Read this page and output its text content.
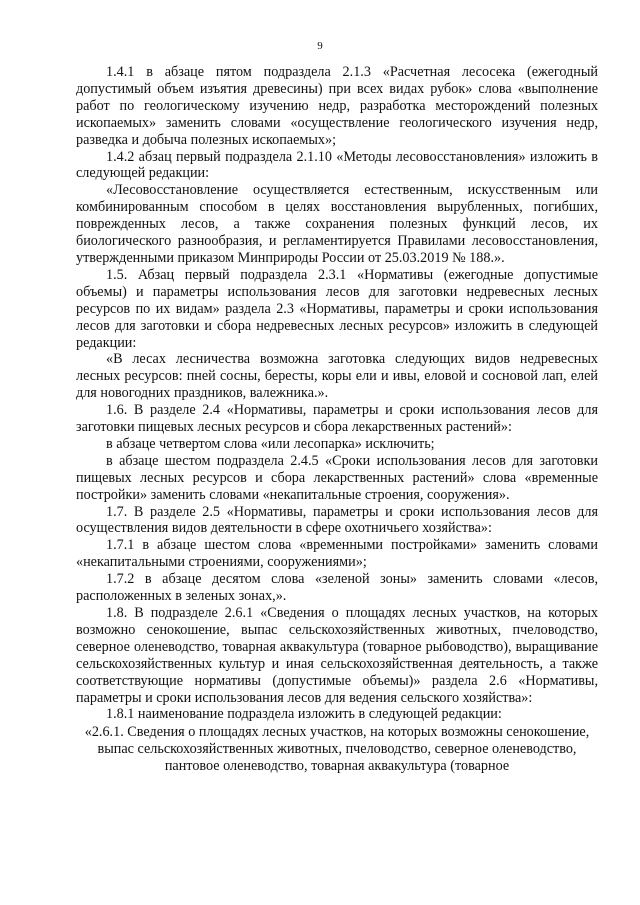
9

1.4.1 в абзаце пятом подраздела 2.1.3 «Расчетная лесосека (ежегодный допустимый объем изъятия древесины) при всех видах рубок» слова «выполнение работ по геологическому изучению недр, разработка месторождений полезных ископаемых» заменить словами «осуществление геологического изучения недр, разведка и добыча полезных ископаемых»;

1.4.2 абзац первый подраздела 2.1.10 «Методы лесовосстановления» изложить в следующей редакции:

«Лесовосстановление осуществляется естественным, искусственным или комбинированным способом в целях восстановления вырубленных, погибших, поврежденных лесов, а также сохранения полезных функций лесов, их биологического разнообразия, и регламентируется Правилами лесовосстановления, утвержденными приказом Минприроды России от 25.03.2019 № 188.».

1.5. Абзац первый подраздела 2.3.1 «Нормативы (ежегодные допустимые объемы) и параметры использования лесов для заготовки недревесных лесных ресурсов по их видам» раздела 2.3 «Нормативы, параметры и сроки использования лесов для заготовки и сбора недревесных лесных ресурсов» изложить в следующей редакции:

«В лесах лесничества возможна заготовка следующих видов недревесных лесных ресурсов: пней сосны, бересты, коры ели и ивы, еловой и сосновой лап, елей для новогодних праздников, валежника.».

1.6. В разделе 2.4 «Нормативы, параметры и сроки использования лесов для заготовки пищевых лесных ресурсов и сбора лекарственных растений»:

в абзаце четвертом слова «или лесопарка» исключить;

в абзаце шестом подраздела 2.4.5 «Сроки использования лесов для заготовки пищевых лесных ресурсов и сбора лекарственных растений» слова «временные постройки» заменить словами «некапитальные строения, сооружения».

1.7. В разделе 2.5 «Нормативы, параметры и сроки использования лесов для осуществления видов деятельности в сфере охотничьего хозяйства»:

1.7.1 в абзаце шестом слова «временными постройками» заменить словами «некапитальными строениями, сооружениями»;

1.7.2 в абзаце десятом слова «зеленой зоны» заменить словами «лесов, расположенных в зеленых зонах,».

1.8. В подразделе 2.6.1 «Сведения о площадях лесных участков, на которых возможно сенокошение, выпас сельскохозяйственных животных, пчеловодство, северное оленеводство, товарная аквакультура (товарное рыбоводство), выращивание сельскохозяйственных культур и иная сельскохозяйственная деятельность, а также соответствующие нормативы (допустимые объемы)» раздела 2.6 «Нормативы, параметры и сроки использования лесов для ведения сельского хозяйства»:

1.8.1 наименование подраздела изложить в следующей редакции:

«2.6.1. Сведения о площадях лесных участков, на которых возможны сенокошение, выпас сельскохозяйственных животных, пчеловодство, северное оленеводство, пантовое оленеводство, товарная аквакультура (товарное
